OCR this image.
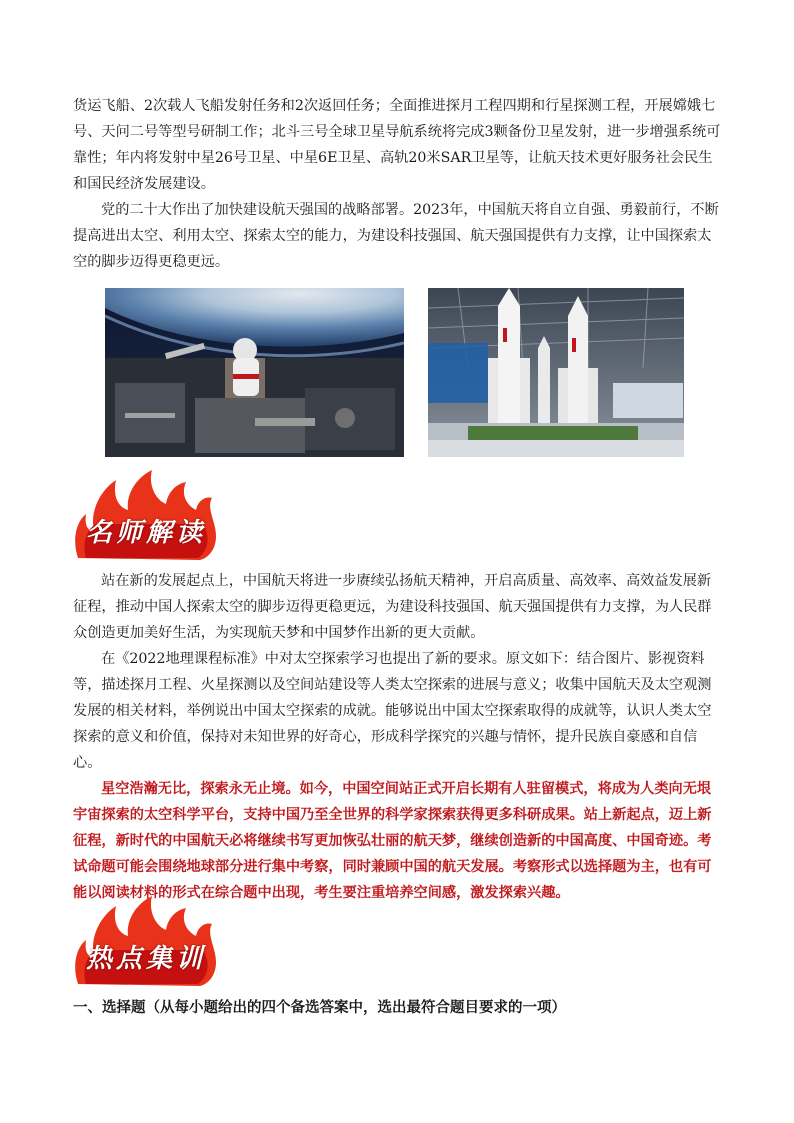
货运飞船、2次载人飞船发射任务和2次返回任务；全面推进探月工程四期和行星探测工程，开展嫦娥七号、天问二号等型号研制工作；北斗三号全球卫星导航系统将完成3颗备份卫星发射，进一步增强系统可靠性；年内将发射中星26号卫星、中星6E卫星、高轨20米SAR卫星等，让航天技术更好服务社会民生和国民经济发展建设。

党的二十大作出了加快建设航天强国的战略部署。2023年，中国航天将自立自强、勇毅前行，不断提高进出太空、利用太空、探索太空的能力，为建设科技强国、航天强国提供有力支撑，让中国探索太空的脚步迈得更稳更远。

名师解读

站在新的发展起点上，中国航天将进一步赓续弘扬航天精神，开启高质量、高效率、高效益发展新征程，推动中国人探索太空的脚步迈得更稳更远，为建设科技强国、航天强国提供有力支撑，为人民群众创造更加美好生活，为实现航天梦和中国梦作出新的更大贡献。

在《2022地理课程标准》中对太空探索学习也提出了新的要求。原文如下：结合图片、影视资料等，描述探月工程、火星探测以及空间站建设等人类太空探索的进展与意义；收集中国航天及太空观测发展的相关材料，举例说出中国太空探索的成就。能够说出中国太空探索取得的成就等，认识人类太空探索的意义和价值，保持对未知世界的好奇心，形成科学探究的兴趣与情怀，提升民族自豪感和自信心。

星空浩瀚无比，探索永无止境。如今，中国空间站正式开启长期有人驻留模式，将成为人类向无垠宇宙探索的太空科学平台，支持中国乃至全世界的科学家探索获得更多科研成果。站上新起点，迈上新征程，新时代的中国航天必将继续书写更加恢弘壮丽的航天梦，继续创造新的中国高度、中国奇迹。考试命题可能会围绕地球部分进行集中考察，同时兼顾中国的航天发展。考察形式以选择题为主，也有可能以阅读材料的形式在综合题中出现，考生要注重培养空间感，激发探索兴趣。

热点集训
一、选择题（从每小题给出的四个备选答案中，选出最符合题目要求的一项）
